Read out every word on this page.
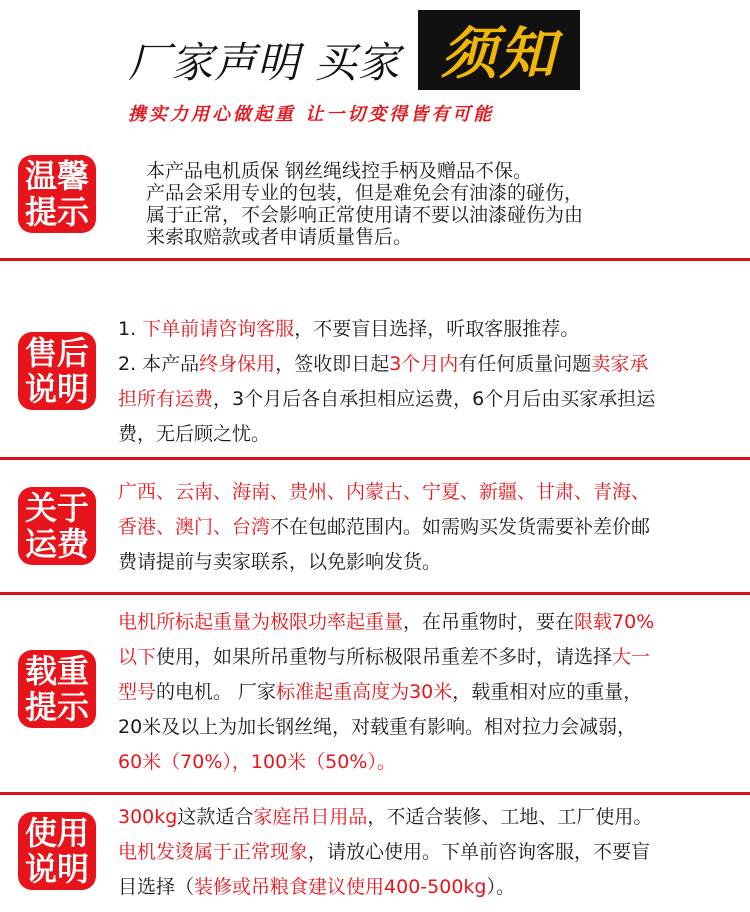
厂家声明 买家 须知
携实力用心做起重 让一切变得皆有可能
温馨
提示
本产品电机质保 钢丝绳线控手柄及赠品不保。
产品会采用专业的包装，但是难免会有油漆的碰伤，
属于正常，不会影响正常使用请不要以油漆碰伤为由
来索取赔款或者申请质量售后。
售后
说明
1. 下单前请咨询客服，不要盲目选择，听取客服推荐。
2. 本产品终身保用，签收即日起3个月内有任何质量问题卖家承
担所有运费，3个月后各自承担相应运费，6个月后由买家承担运
费，无后顾之忧。
关于
运费
广西、云南、海南、贵州、内蒙古、宁夏、新疆、甘肃、青海、
香港、澳门、台湾不在包邮范围内。如需购买发货需要补差价邮
费请提前与卖家联系，以免影响发货。
载重
提示
电机所标起重量为极限功率起重量，在吊重物时，要在限载70%
以下使用，如果所吊重物与所标极限吊重差不多时，请选择大一
型号的电机。 厂家标准起重高度为30米，载重相对应的重量，
20米及以上为加长钢丝绳，对载重有影响。相对拉力会减弱，
60米（70%），100米（50%）。
使用
说明
300kg这款适合家庭吊日用品，不适合装修、工地、工厂使用。
电机发烫属于正常现象，请放心使用。下单前咨询客服，不要盲
目选择（装修或吊粮食建议使用400-500kg）。
